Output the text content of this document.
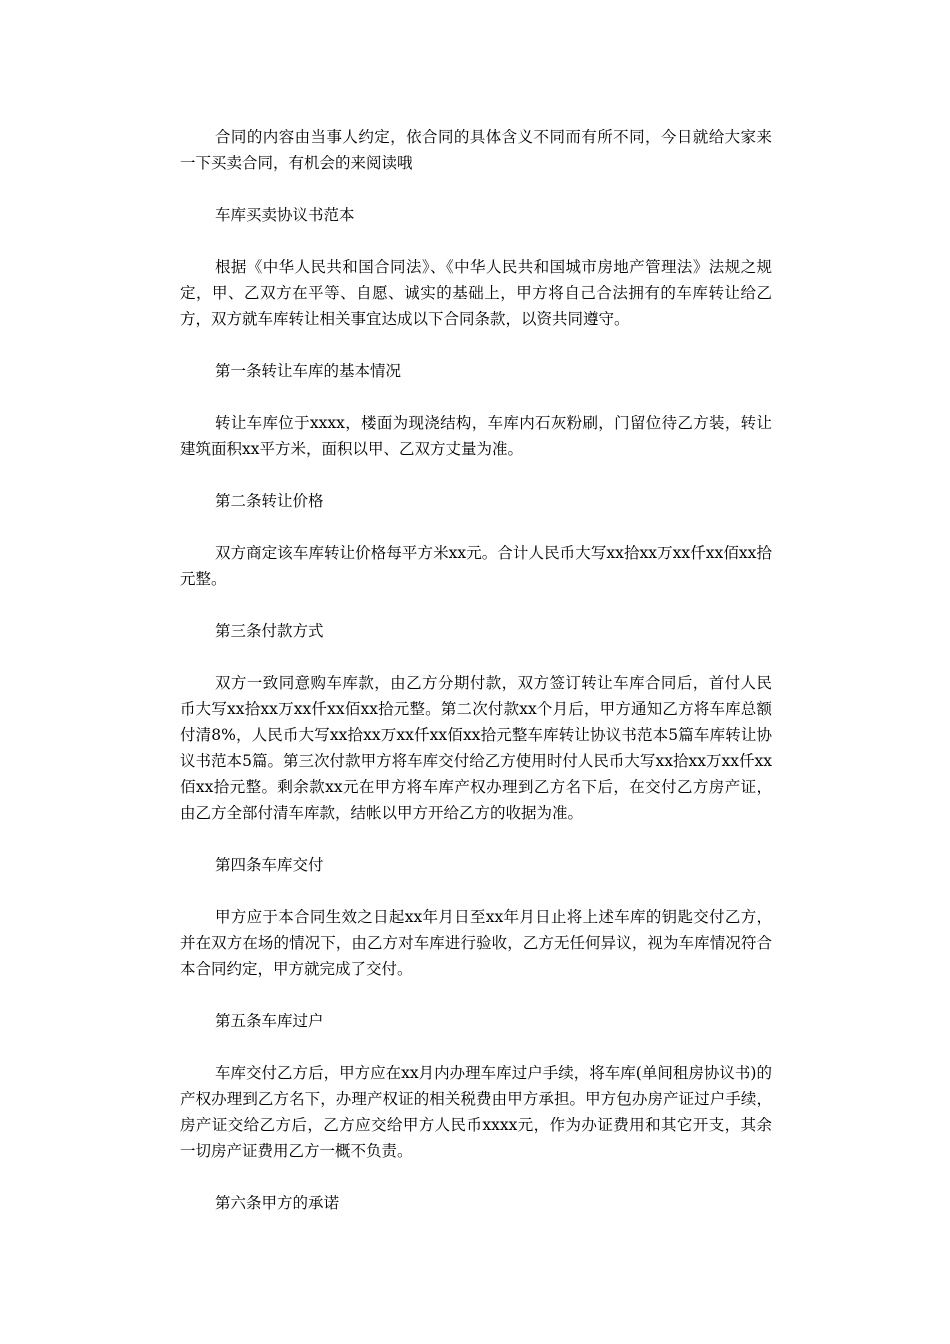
合同的内容由当事人约定，依合同的具体含义不同而有所不同，今日就给大家来一下买卖合同，有机会的来阅读哦

车库买卖协议书范本

根据《中华人民共和国合同法》、《中华人民共和国城市房地产管理法》法规之规定，甲、乙双方在平等、自愿、诚实的基础上，甲方将自己合法拥有的车库转让给乙方，双方就车库转让相关事宜达成以下合同条款，以资共同遵守。

第一条转让车库的基本情况

转让车库位于xxxx，楼面为现浇结构，车库内石灰粉刷，门留位待乙方装，转让建筑面积xx平方米，面积以甲、乙双方丈量为准。

第二条转让价格

双方商定该车库转让价格每平方米xx元。合计人民币大写xx拾xx万xx仟xx佰xx拾元整。

第三条付款方式

双方一致同意购车库款，由乙方分期付款，双方签订转让车库合同后，首付人民币大写xx拾xx万xx仟xx佰xx拾元整。第二次付款xx个月后，甲方通知乙方将车库总额付清8%，人民币大写xx拾xx万xx仟xx佰xx拾元整车库转让协议书范本5篇车库转让协议书范本5篇。第三次付款甲方将车库交付给乙方使用时付人民币大写xx拾xx万xx仟xx佰xx拾元整。剩余款xx元在甲方将车库产权办理到乙方名下后，在交付乙方房产证，由乙方全部付清车库款，结帐以甲方开给乙方的收据为准。

第四条车库交付

甲方应于本合同生效之日起xx年月日至xx年月日止将上述车库的钥匙交付乙方，并在双方在场的情况下，由乙方对车库进行验收，乙方无任何异议，视为车库情况符合本合同约定，甲方就完成了交付。

第五条车库过户

车库交付乙方后，甲方应在xx月内办理车库过户手续，将车库(单间租房协议书)的产权办理到乙方名下，办理产权证的相关税费由甲方承担。甲方包办房产证过户手续，房产证交给乙方后，乙方应交给甲方人民币xxxx元，作为办证费用和其它开支，其余一切房产证费用乙方一概不负责。

第六条甲方的承诺
